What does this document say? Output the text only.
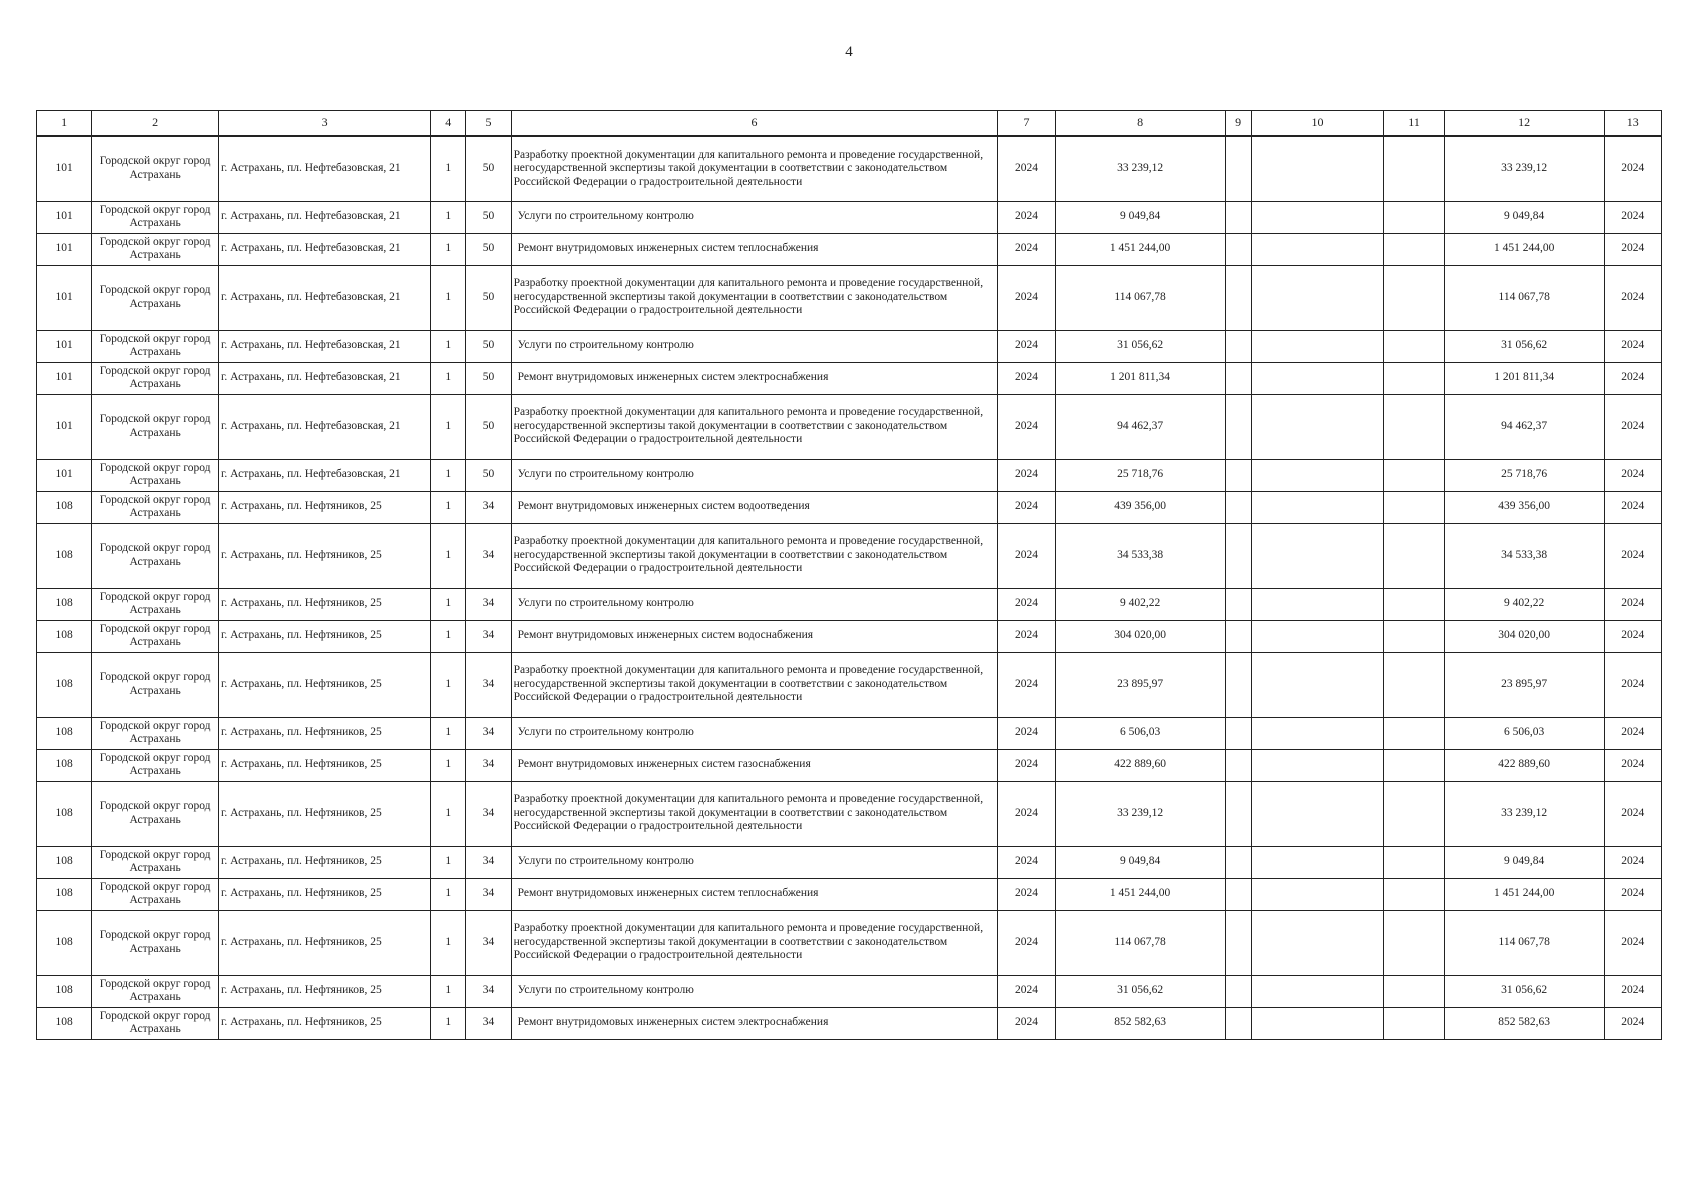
4
1	2	3	4	5	6	7	8	9	10	11	12	13
101	Городской округ город Астрахань	г. Астрахань, пл. Нефтебазовская, 21	1	50	Разработку проектной документации для капитального ремонта и проведение государственной, негосударственной экспертизы такой документации в соответствии с законодательством Российской Федерации о градостроительной деятельности	2024	33 239,12				33 239,12	2024
101	Городской округ город Астрахань	г. Астрахань, пл. Нефтебазовская, 21	1	50	Услуги по строительному контролю	2024	9 049,84				9 049,84	2024
101	Городской округ город Астрахань	г. Астрахань, пл. Нефтебазовская, 21	1	50	Ремонт внутридомовых инженерных систем теплоснабжения	2024	1 451 244,00				1 451 244,00	2024
101	Городской округ город Астрахань	г. Астрахань, пл. Нефтебазовская, 21	1	50	Разработку проектной документации для капитального ремонта и проведение государственной, негосударственной экспертизы такой документации в соответствии с законодательством Российской Федерации о градостроительной деятельности	2024	114 067,78				114 067,78	2024
101	Городской округ город Астрахань	г. Астрахань, пл. Нефтебазовская, 21	1	50	Услуги по строительному контролю	2024	31 056,62				31 056,62	2024
101	Городской округ город Астрахань	г. Астрахань, пл. Нефтебазовская, 21	1	50	Ремонт внутридомовых инженерных систем электроснабжения	2024	1 201 811,34				1 201 811,34	2024
101	Городской округ город Астрахань	г. Астрахань, пл. Нефтебазовская, 21	1	50	Разработку проектной документации для капитального ремонта и проведение государственной, негосударственной экспертизы такой документации в соответствии с законодательством Российской Федерации о градостроительной деятельности	2024	94 462,37				94 462,37	2024
101	Городской округ город Астрахань	г. Астрахань, пл. Нефтебазовская, 21	1	50	Услуги по строительному контролю	2024	25 718,76				25 718,76	2024
108	Городской округ город Астрахань	г. Астрахань, пл. Нефтяников, 25	1	34	Ремонт внутридомовых инженерных систем водоотведения	2024	439 356,00				439 356,00	2024
108	Городской округ город Астрахань	г. Астрахань, пл. Нефтяников, 25	1	34	Разработку проектной документации для капитального ремонта и проведение государственной, негосударственной экспертизы такой документации в соответствии с законодательством Российской Федерации о градостроительной деятельности	2024	34 533,38				34 533,38	2024
108	Городской округ город Астрахань	г. Астрахань, пл. Нефтяников, 25	1	34	Услуги по строительному контролю	2024	9 402,22				9 402,22	2024
108	Городской округ город Астрахань	г. Астрахань, пл. Нефтяников, 25	1	34	Ремонт внутридомовых инженерных систем водоснабжения	2024	304 020,00				304 020,00	2024
108	Городской округ город Астрахань	г. Астрахань, пл. Нефтяников, 25	1	34	Разработку проектной документации для капитального ремонта и проведение государственной, негосударственной экспертизы такой документации в соответствии с законодательством Российской Федерации о градостроительной деятельности	2024	23 895,97				23 895,97	2024
108	Городской округ город Астрахань	г. Астрахань, пл. Нефтяников, 25	1	34	Услуги по строительному контролю	2024	6 506,03				6 506,03	2024
108	Городской округ город Астрахань	г. Астрахань, пл. Нефтяников, 25	1	34	Ремонт внутридомовых инженерных систем газоснабжения	2024	422 889,60				422 889,60	2024
108	Городской округ город Астрахань	г. Астрахань, пл. Нефтяников, 25	1	34	Разработку проектной документации для капитального ремонта и проведение государственной, негосударственной экспертизы такой документации в соответствии с законодательством Российской Федерации о градостроительной деятельности	2024	33 239,12				33 239,12	2024
108	Городской округ город Астрахань	г. Астрахань, пл. Нефтяников, 25	1	34	Услуги по строительному контролю	2024	9 049,84				9 049,84	2024
108	Городской округ город Астрахань	г. Астрахань, пл. Нефтяников, 25	1	34	Ремонт внутридомовых инженерных систем теплоснабжения	2024	1 451 244,00				1 451 244,00	2024
108	Городской округ город Астрахань	г. Астрахань, пл. Нефтяников, 25	1	34	Разработку проектной документации для капитального ремонта и проведение государственной, негосударственной экспертизы такой документации в соответствии с законодательством Российской Федерации о градостроительной деятельности	2024	114 067,78				114 067,78	2024
108	Городской округ город Астрахань	г. Астрахань, пл. Нефтяников, 25	1	34	Услуги по строительному контролю	2024	31 056,62				31 056,62	2024
108	Городской округ город Астрахань	г. Астрахань, пл. Нефтяников, 25	1	34	Ремонт внутридомовых инженерных систем электроснабжения	2024	852 582,63				852 582,63	2024
